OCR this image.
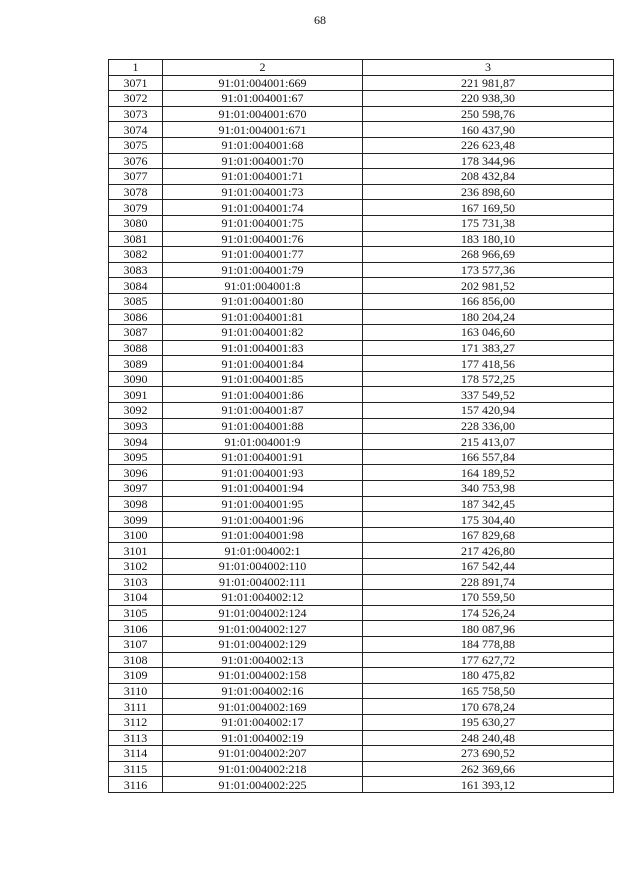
68
1	2	3
3071	91:01:004001:669	221 981,87
3072	91:01:004001:67	220 938,30
3073	91:01:004001:670	250 598,76
3074	91:01:004001:671	160 437,90
3075	91:01:004001:68	226 623,48
3076	91:01:004001:70	178 344,96
3077	91:01:004001:71	208 432,84
3078	91:01:004001:73	236 898,60
3079	91:01:004001:74	167 169,50
3080	91:01:004001:75	175 731,38
3081	91:01:004001:76	183 180,10
3082	91:01:004001:77	268 966,69
3083	91:01:004001:79	173 577,36
3084	91:01:004001:8	202 981,52
3085	91:01:004001:80	166 856,00
3086	91:01:004001:81	180 204,24
3087	91:01:004001:82	163 046,60
3088	91:01:004001:83	171 383,27
3089	91:01:004001:84	177 418,56
3090	91:01:004001:85	178 572,25
3091	91:01:004001:86	337 549,52
3092	91:01:004001:87	157 420,94
3093	91:01:004001:88	228 336,00
3094	91:01:004001:9	215 413,07
3095	91:01:004001:91	166 557,84
3096	91:01:004001:93	164 189,52
3097	91:01:004001:94	340 753,98
3098	91:01:004001:95	187 342,45
3099	91:01:004001:96	175 304,40
3100	91:01:004001:98	167 829,68
3101	91:01:004002:1	217 426,80
3102	91:01:004002:110	167 542,44
3103	91:01:004002:111	228 891,74
3104	91:01:004002:12	170 559,50
3105	91:01:004002:124	174 526,24
3106	91:01:004002:127	180 087,96
3107	91:01:004002:129	184 778,88
3108	91:01:004002:13	177 627,72
3109	91:01:004002:158	180 475,82
3110	91:01:004002:16	165 758,50
3111	91:01:004002:169	170 678,24
3112	91:01:004002:17	195 630,27
3113	91:01:004002:19	248 240,48
3114	91:01:004002:207	273 690,52
3115	91:01:004002:218	262 369,66
3116	91:01:004002:225	161 393,12
